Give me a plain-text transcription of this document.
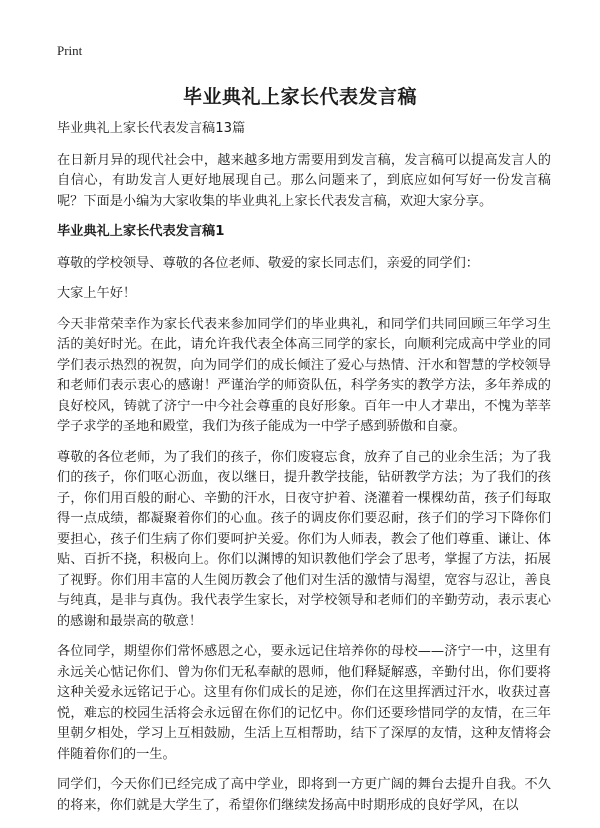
Print
毕业典礼上家长代表发言稿

毕业典礼上家长代表发言稿13篇

在日新月异的现代社会中，越来越多地方需要用到发言稿，发言稿可以提高发言人的自信心，有助发言人更好地展现自己。那么问题来了，到底应如何写好一份发言稿呢？下面是小编为大家收集的毕业典礼上家长代表发言稿，欢迎大家分享。

毕业典礼上家长代表发言稿1

尊敬的学校领导、尊敬的各位老师、敬爱的家长同志们，亲爱的同学们：

大家上午好！

今天非常荣幸作为家长代表来参加同学们的毕业典礼，和同学们共同回顾三年学习生活的美好时光。在此，请允许我代表全体高三同学的家长，向顺利完成高中学业的同学们表示热烈的祝贺，向为同学们的成长倾注了爱心与热情、汗水和智慧的学校领导和老师们表示衷心的感谢！严谨治学的师资队伍，科学务实的教学方法，多年养成的良好校风，铸就了济宁一中今社会尊重的良好形象。百年一中人才辈出，不愧为莘莘学子求学的圣地和殿堂，我们为孩子能成为一中学子感到骄傲和自豪。

尊敬的各位老师，为了我们的孩子，你们废寝忘食，放弃了自己的业余生活；为了我们的孩子，你们呕心沥血，夜以继日，提升教学技能，钻研教学方法；为了我们的孩子，你们用百般的耐心、辛勤的汗水，日夜守护着、浇灌着一棵棵幼苗，孩子们每取得一点成绩，都凝聚着你们的心血。孩子的调皮你们要忍耐，孩子们的学习下降你们要担心，孩子们生病了你们要呵护关爱。你们为人师表，教会了他们尊重、谦让、体贴、百折不挠，积极向上。你们以渊博的知识教他们学会了思考，掌握了方法，拓展了视野。你们用丰富的人生阅历教会了他们对生活的激情与渴望，宽容与忍让，善良与纯真，是非与真伪。我代表学生家长，对学校领导和老师们的辛勤劳动，表示衷心的感谢和最崇高的敬意！

各位同学，期望你们常怀感恩之心，要永远记住培养你的母校——济宁一中，这里有永远关心惦记你们、曾为你们无私奉献的恩师，他们释疑解惑，辛勤付出，你们要将这种关爱永远铭记于心。这里有你们成长的足迹，你们在这里挥洒过汗水，收获过喜悦，难忘的校园生活将会永远留在你们的记忆中。你们还要珍惜同学的友情，在三年里朝夕相处，学习上互相鼓励，生活上互相帮助，结下了深厚的友情，这种友情将会伴随着你们的一生。

同学们，今天你们已经完成了高中学业，即将到一方更广阔的舞台去提升自我。不久的将来，你们就是大学生了，希望你们继续发扬高中时期形成的良好学风，在以
